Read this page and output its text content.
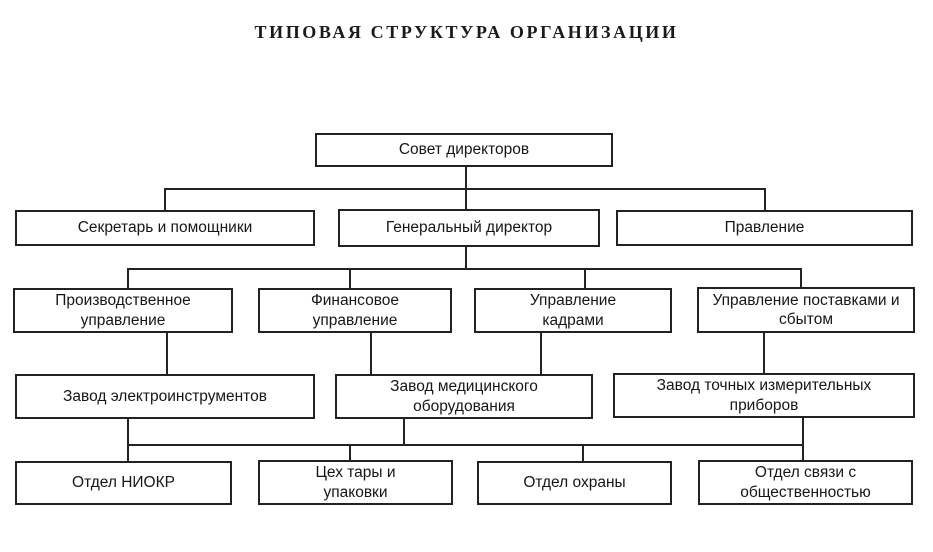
ТИПОВАЯ СТРУКТУРА ОРГАНИЗАЦИИ
Совет директоров
Секретарь и помощники	Генеральный директор	Правление
Производственное управление
Финансовое управление
Управление кадрами
Управление поставками и сбытом
Завод электроинструментов
Завод медицинского оборудования
Завод точных измерительных приборов
Отдел НИОКР
Цех тары и упаковки
Отдел охраны
Отдел связи с общественностью
